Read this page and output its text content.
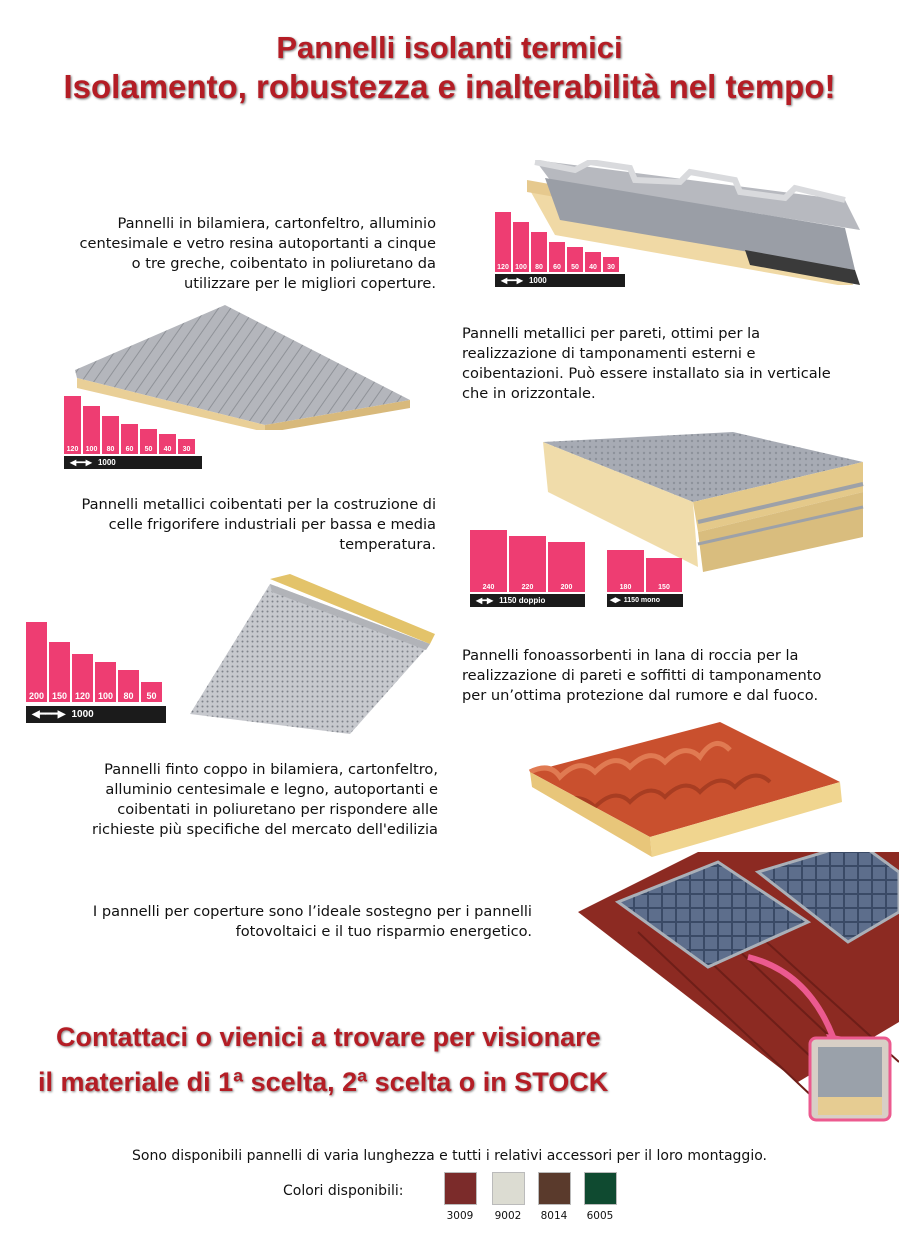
Pannelli isolanti termici
Isolamento, robustezza e inalterabilità nel tempo!
Pannelli in bilamiera, cartonfeltro, alluminio
centesimale e vetro resina autoportanti a cinque
o tre greche, coibentato in poliuretano da
utilizzare per le migliori coperture.
120 100	80	60	50	40	30
◀━━▶ 1000
Pannelli metallici per pareti, ottimi per la
realizzazione di tamponamenti esterni e
coibentazioni. Può essere installato sia in verticale
che in orizzontale.
120	100	80	60	50	40	30
◀━━▶ 1000
Pannelli metallici coibentati per la costruzione di
celle frigorifere industriali per bassa e media
temperatura.
240	220	200
◀━▶ 1150 doppio
180	150
◀▶ 1150 mono
200 150 120 100	80	50
◀━━━▶ 1000
Pannelli fonoassorbenti in lana di roccia per la
realizzazione di pareti e soffitti di tamponamento
per un’ottima protezione dal rumore e dal fuoco.
Pannelli finto coppo in bilamiera, cartonfeltro,
alluminio centesimale e legno, autoportanti e
coibentati in poliuretano per rispondere alle
richieste più specifiche del mercato dell'edilizia
I pannelli per coperture sono l’ideale sostegno per i pannelli
fotovoltaici e il tuo risparmio energetico.
Contattaci o vienici a trovare per visionare
il materiale di 1ª scelta, 2ª scelta o in STOCK
Sono disponibili pannelli di varia lunghezza e tutti i relativi accessori per il loro montaggio.
Colori disponibili:
3009	9002	8014	6005
